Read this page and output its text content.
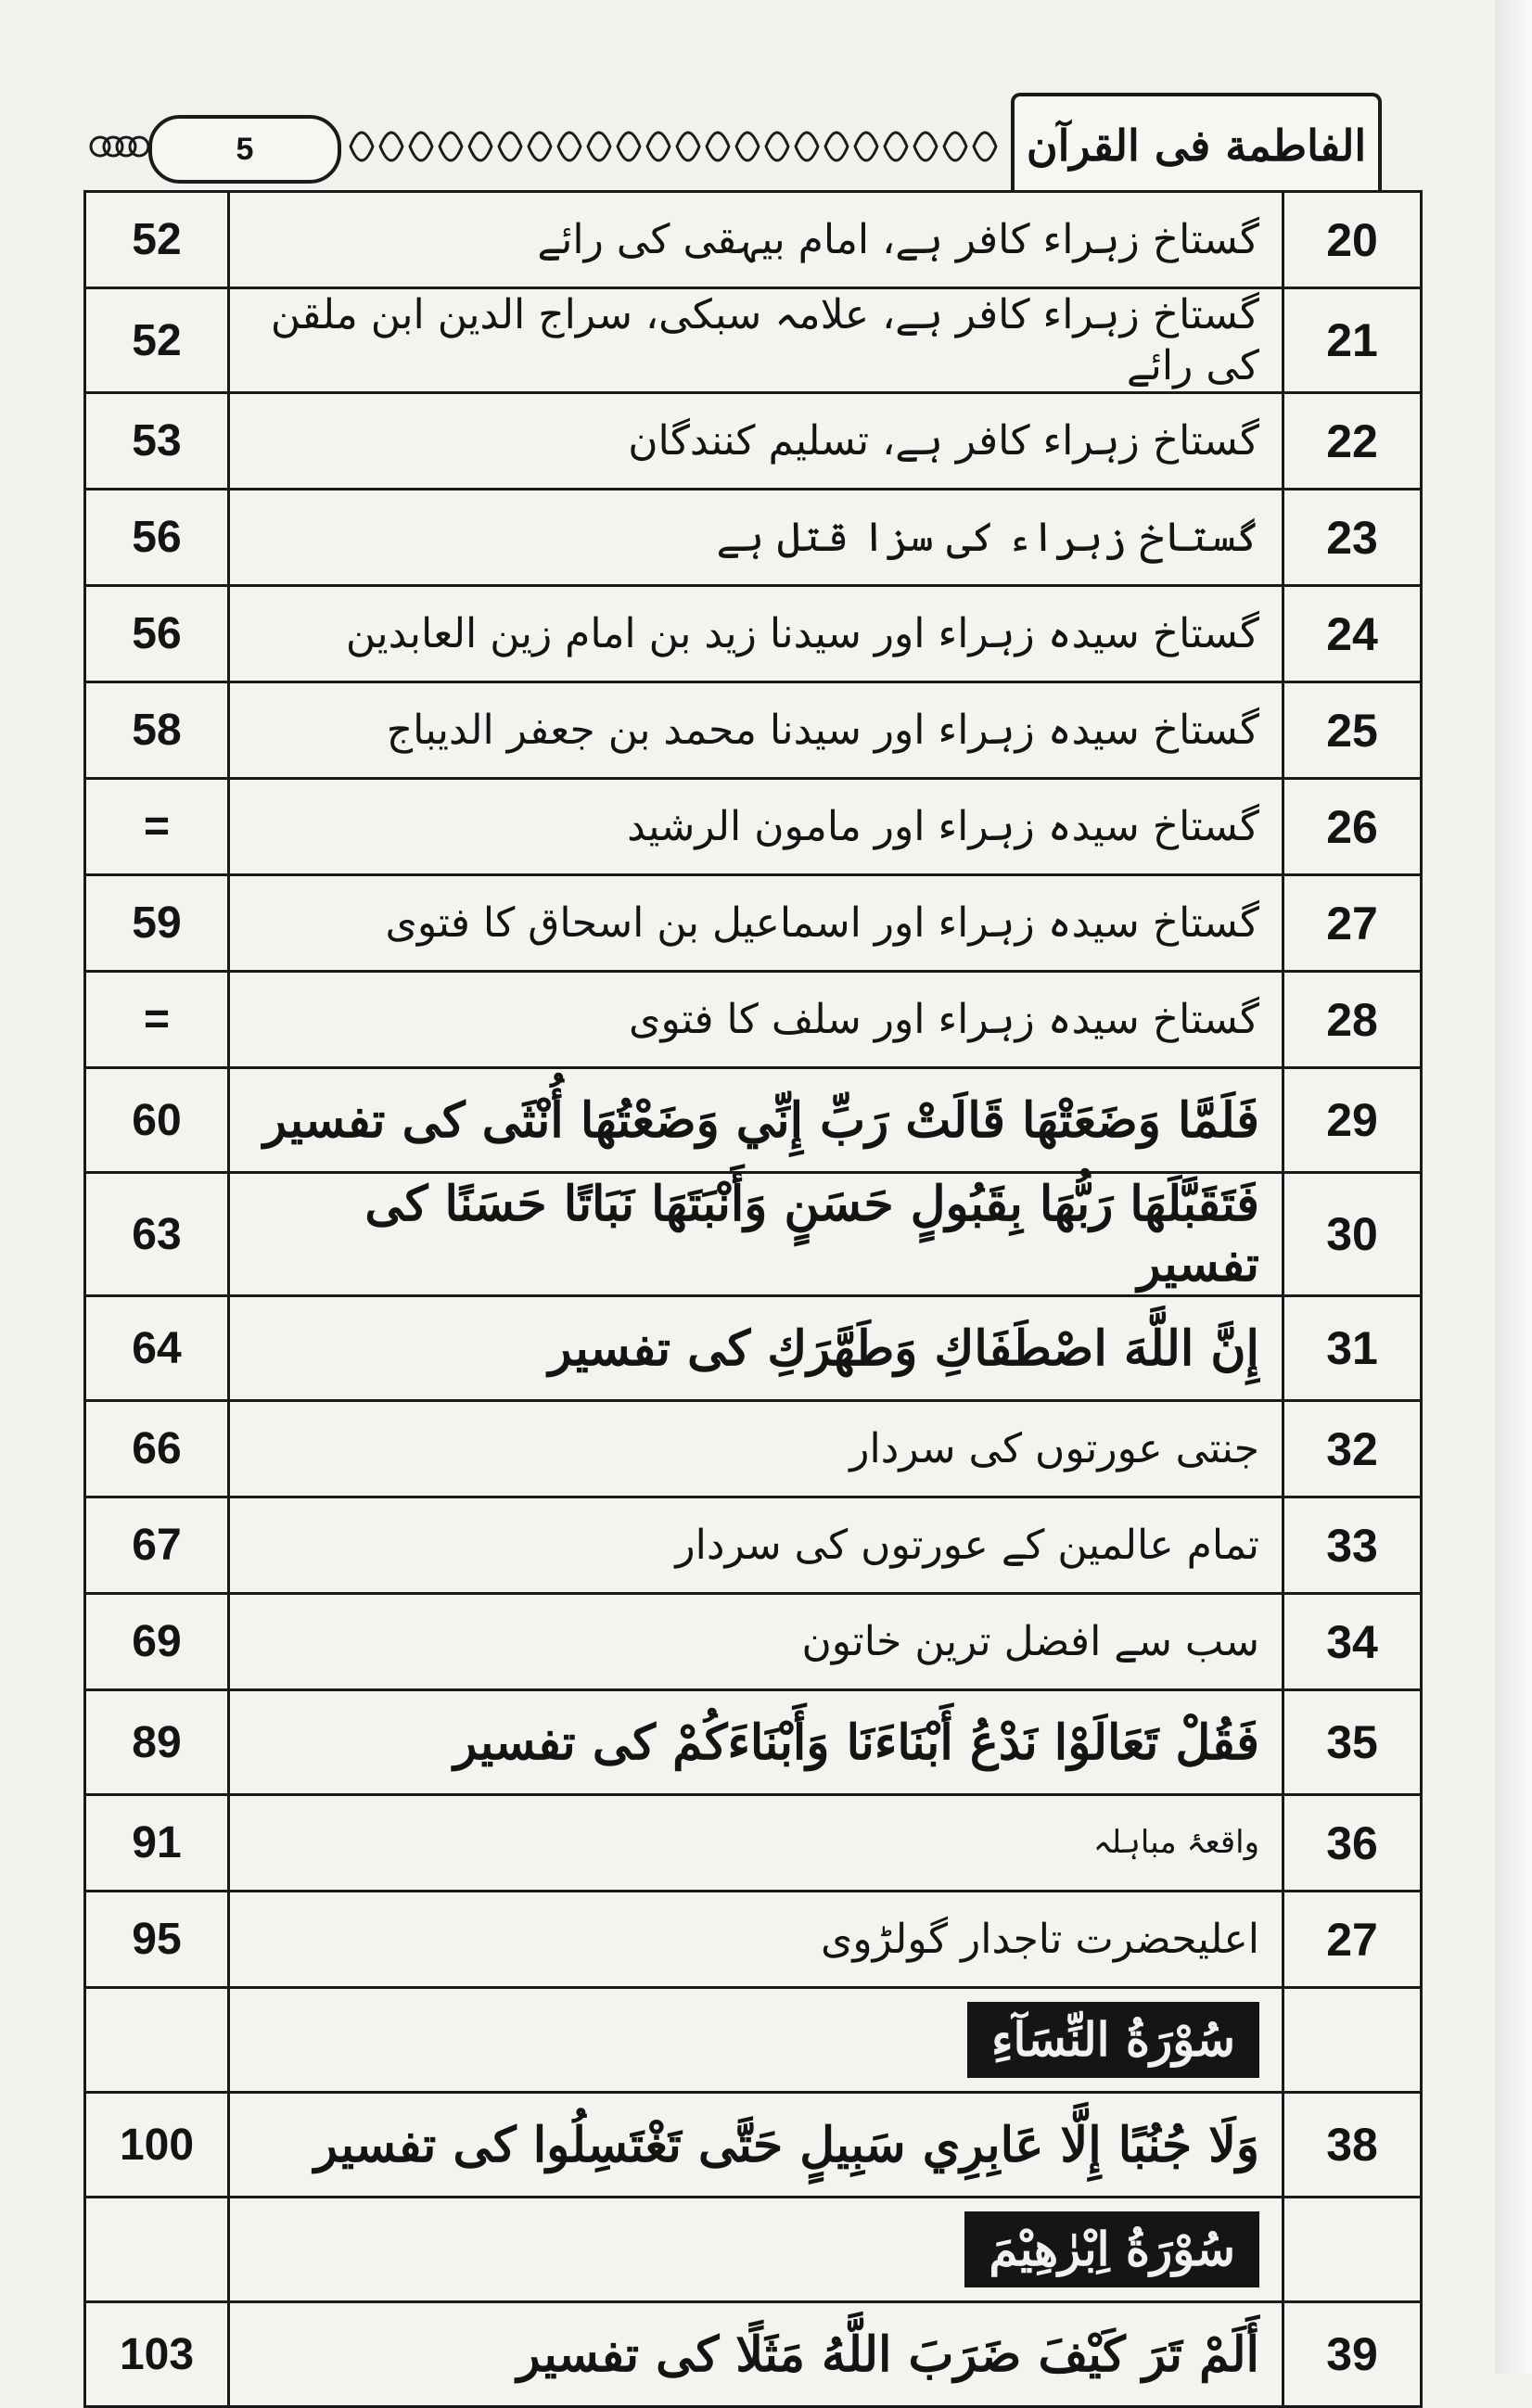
5	الفاطمة فی القرآن
52	گستاخ زہراء کافر ہے، امام بیہقی کی رائے	20
52	گستاخ زہراء کافر ہے، علامہ سبکی، سراج الدین ابن ملقن کی رائے	21
53	گستاخ زہراء کافر ہے، تسلیم کنندگان	22
56	گستاخ زہراء کی سزا قتل ہے	23
56	گستاخ سیدہ زہراء اور سیدنا زید بن امام زین العابدین	24
58	گستاخ سیدہ زہراء اور سیدنا محمد بن جعفر الدیباج	25
=	گستاخ سیدہ زہراء اور مامون الرشید	26
59	گستاخ سیدہ زہراء اور اسماعیل بن اسحاق کا فتوی	27
=	گستاخ سیدہ زہراء اور سلف کا فتوی	28
60	فَلَمَّا وَضَعَتْهَا قَالَتْ رَبِّ إِنِّي وَضَعْتُهَا أُنْثَى کی تفسیر	29
63	فَتَقَبَّلَهَا رَبُّهَا بِقَبُولٍ حَسَنٍ وَأَنْبَتَهَا نَبَاتًا حَسَنًا کی تفسیر	30
64	إِنَّ اللَّهَ اصْطَفَاكِ وَطَهَّرَكِ کی تفسیر	31
66	جنتی عورتوں کی سردار	32
67	تمام عالمین کے عورتوں کی سردار	33
69	سب سے افضل ترین خاتون	34
89	فَقُلْ تَعَالَوْا نَدْعُ أَبْنَاءَنَا وَأَبْنَاءَكُمْ کی تفسیر	35
91	واقعۂ مباہلہ	36
95	اعلیحضرت تاجدار گولڑوی	27
	سُوْرَةُ النِّسَآءِ	
100	وَلَا جُنُبًا إِلَّا عَابِرِي سَبِيلٍ حَتَّى تَغْتَسِلُوا کی تفسیر	38
	سُوْرَةُ اِبْرٰهِيْمَ	
103	أَلَمْ تَرَ كَيْفَ ضَرَبَ اللَّهُ مَثَلًا کی تفسیر	39
